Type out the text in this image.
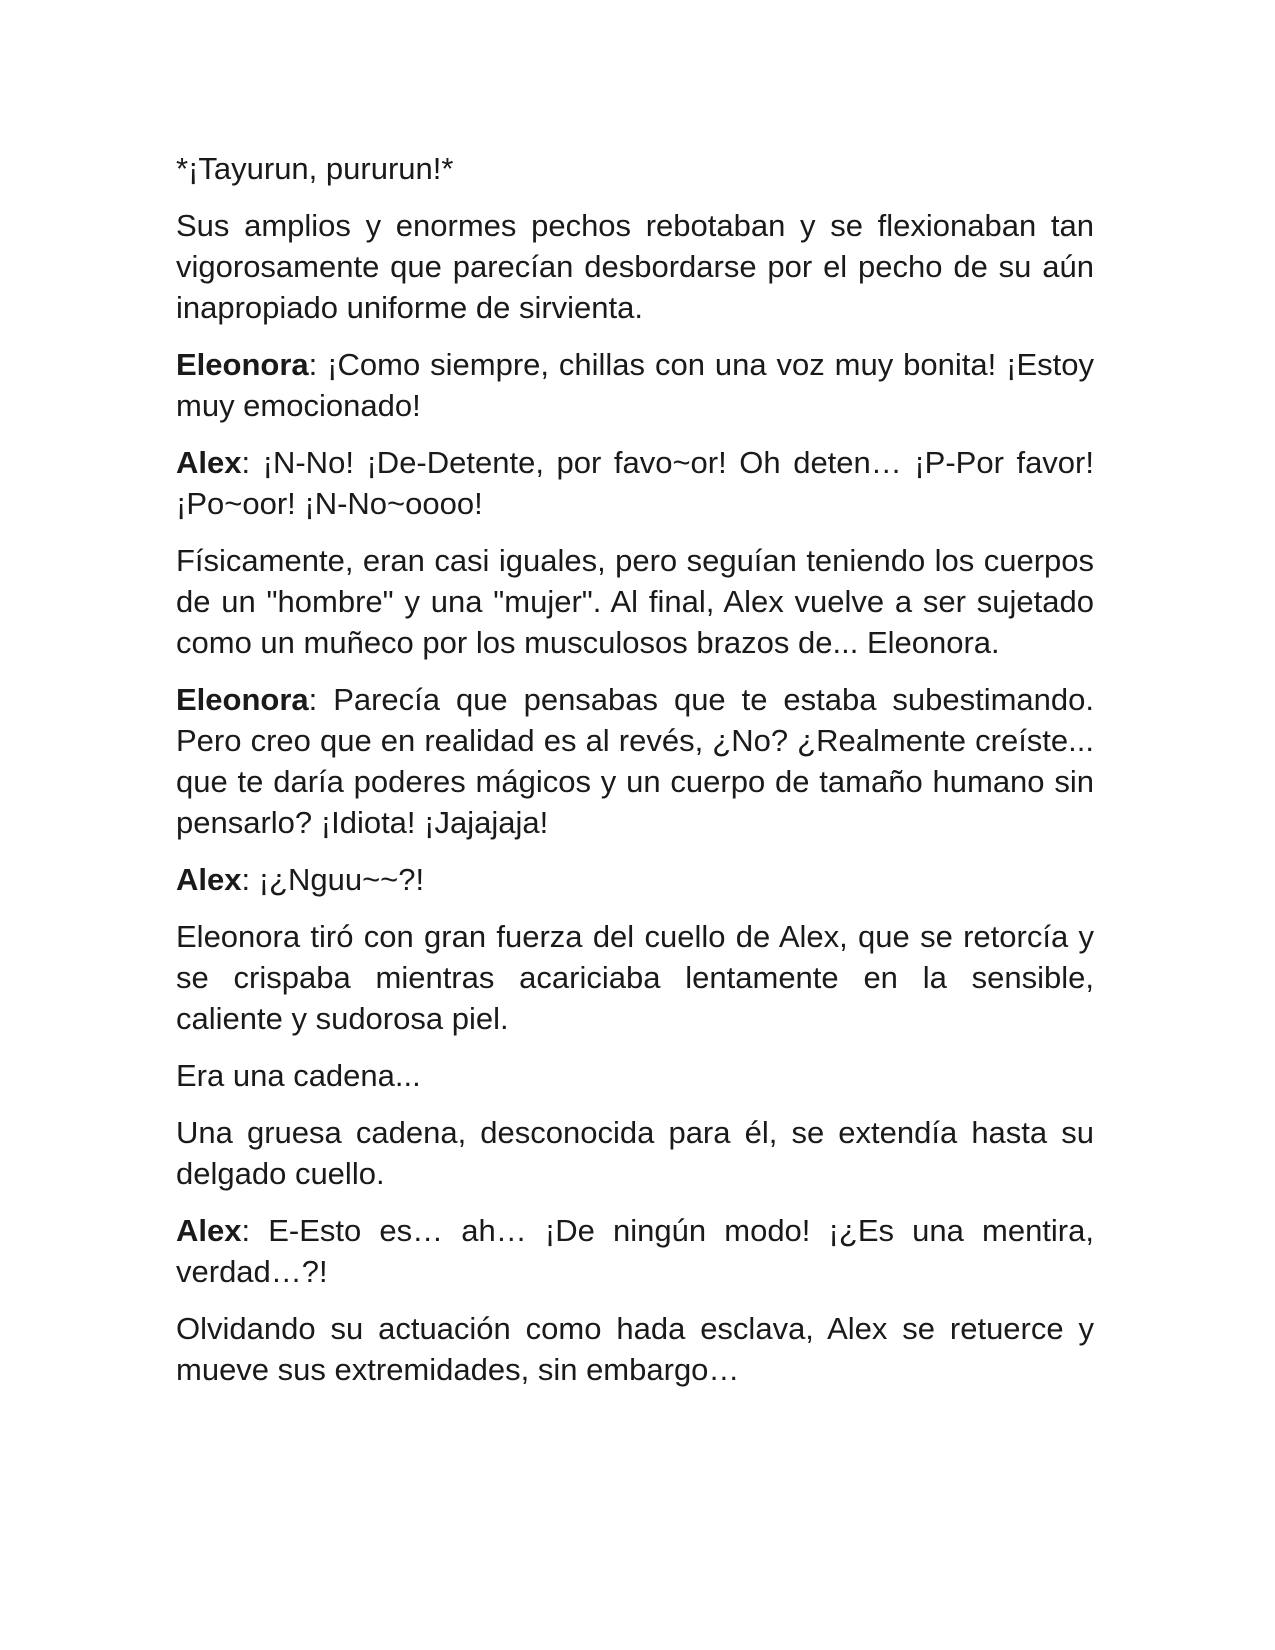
*¡Tayurun, pururun!*

Sus amplios y enormes pechos rebotaban y se flexionaban tan vigorosamente que parecían desbordarse por el pecho de su aún inapropiado uniforme de sirvienta.

Eleonora: ¡Como siempre, chillas con una voz muy bonita! ¡Estoy muy emocionado!

Alex: ¡N-No! ¡De-Detente, por favo~or! Oh deten… ¡P-Por favor! ¡Po~oor! ¡N-No~oooo!

Físicamente, eran casi iguales, pero seguían teniendo los cuerpos de un "hombre" y una "mujer". Al final, Alex vuelve a ser sujetado como un muñeco por los musculosos brazos de... Eleonora.

Eleonora: Parecía que pensabas que te estaba subestimando. Pero creo que en realidad es al revés, ¿No? ¿Realmente creíste... que te daría poderes mágicos y un cuerpo de tamaño humano sin pensarlo? ¡Idiota! ¡Jajajaja!

Alex: ¡¿Nguu~~?!

Eleonora tiró con gran fuerza del cuello de Alex, que se retorcía y se crispaba mientras acariciaba lentamente en la sensible, caliente y sudorosa piel.

Era una cadena...

Una gruesa cadena, desconocida para él, se extendía hasta su delgado cuello.

Alex: E-Esto es… ah… ¡De ningún modo! ¡¿Es una mentira, verdad…?!

Olvidando su actuación como hada esclava, Alex se retuerce y mueve sus extremidades, sin embargo…
